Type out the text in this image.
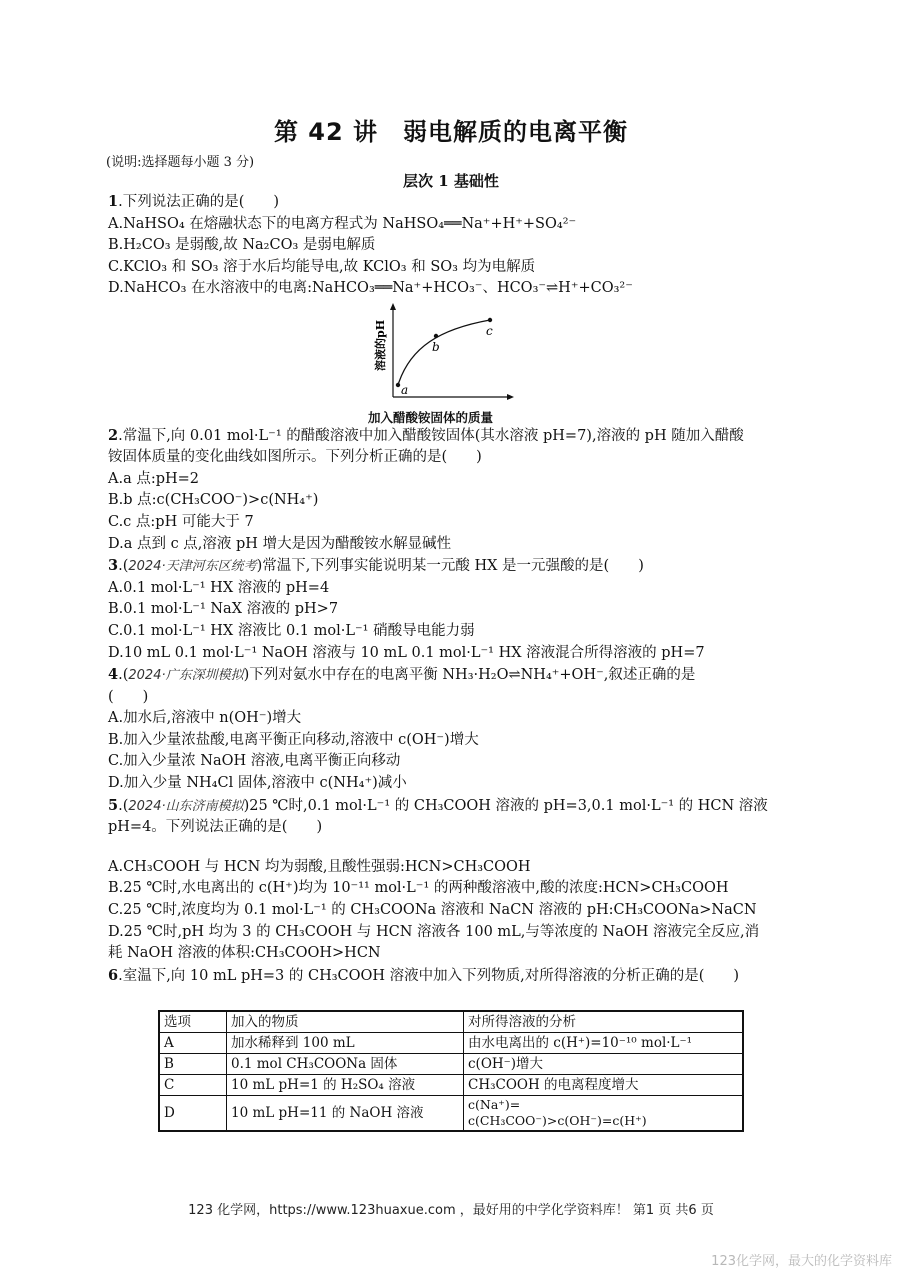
第 42 讲　弱电解质的电离平衡
(说明:选择题每小题 3 分)
层次 1 基础性

1.下列说法正确的是(　　)

A.NaHSO₄ 在熔融状态下的电离方程式为 NaHSO₄══Na⁺+H⁺+SO₄²⁻

B.H₂CO₃ 是弱酸,故 Na₂CO₃ 是弱电解质

C.KClO₃ 和 SO₃ 溶于水后均能导电,故 KClO₃ 和 SO₃ 均为电解质

D.NaHCO₃ 在水溶液中的电离:NaHCO₃══Na⁺+HCO₃⁻、HCO₃⁻⇌H⁺+CO₃²⁻

a
b
c
溶液的pH

加入醋酸铵固体的质量

2.常温下,向 0.01 mol·L⁻¹ 的醋酸溶液中加入醋酸铵固体(其水溶液 pH=7),溶液的 pH 随加入醋酸

铵固体质量的变化曲线如图所示。下列分析正确的是(　　)

A.a 点:pH=2

B.b 点:c(CH₃COO⁻)>c(NH₄⁺)

C.c 点:pH 可能大于 7

D.a 点到 c 点,溶液 pH 增大是因为醋酸铵水解显碱性

3.(2024·天津河东区统考)常温下,下列事实能说明某一元酸 HX 是一元强酸的是(　　)

A.0.1 mol·L⁻¹ HX 溶液的 pH=4

B.0.1 mol·L⁻¹ NaX 溶液的 pH>7

C.0.1 mol·L⁻¹ HX 溶液比 0.1 mol·L⁻¹ 硝酸导电能力弱

D.10 mL 0.1 mol·L⁻¹ NaOH 溶液与 10 mL 0.1 mol·L⁻¹ HX 溶液混合所得溶液的 pH=7

4.(2024·广东深圳模拟)下列对氨水中存在的电离平衡 NH₃·H₂O⇌NH₄⁺+OH⁻,叙述正确的是

(　　)

A.加水后,溶液中 n(OH⁻)增大

B.加入少量浓盐酸,电离平衡正向移动,溶液中 c(OH⁻)增大

C.加入少量浓 NaOH 溶液,电离平衡正向移动

D.加入少量 NH₄Cl 固体,溶液中 c(NH₄⁺)减小

5.(2024·山东济南模拟)25 ℃时,0.1 mol·L⁻¹ 的 CH₃COOH 溶液的 pH=3,0.1 mol·L⁻¹ 的 HCN 溶液

pH=4。下列说法正确的是(　　)

A.CH₃COOH 与 HCN 均为弱酸,且酸性强弱:HCN>CH₃COOH

B.25 ℃时,水电离出的 c(H⁺)均为 10⁻¹¹ mol·L⁻¹ 的两种酸溶液中,酸的浓度:HCN>CH₃COOH

C.25 ℃时,浓度均为 0.1 mol·L⁻¹ 的 CH₃COONa 溶液和 NaCN 溶液的 pH:CH₃COONa>NaCN

D.25 ℃时,pH 均为 3 的 CH₃COOH 与 HCN 溶液各 100 mL,与等浓度的 NaOH 溶液完全反应,消

耗 NaOH 溶液的体积:CH₃COOH>HCN

6.室温下,向 10 mL pH=3 的 CH₃COOH 溶液中加入下列物质,对所得溶液的分析正确的是(　　)

选项	加入的物质	对所得溶液的分析
A	加水稀释到 100 mL	由水电离出的 c(H⁺)=10⁻¹⁰ mol·L⁻¹
B	0.1 mol CH₃COONa 固体	c(OH⁻)增大
C	10 mL pH=1 的 H₂SO₄ 溶液	CH₃COOH 的电离程度增大
D	10 mL pH=11 的 NaOH 溶液	c(Na⁺)=
c(CH₃COO⁻)>c(OH⁻)=c(H⁺)
123 化学网，https://www.123huaxue.com ，最好用的中学化学资料库！ 第1 页 共6 页
123化学网，最大的化学资料库
